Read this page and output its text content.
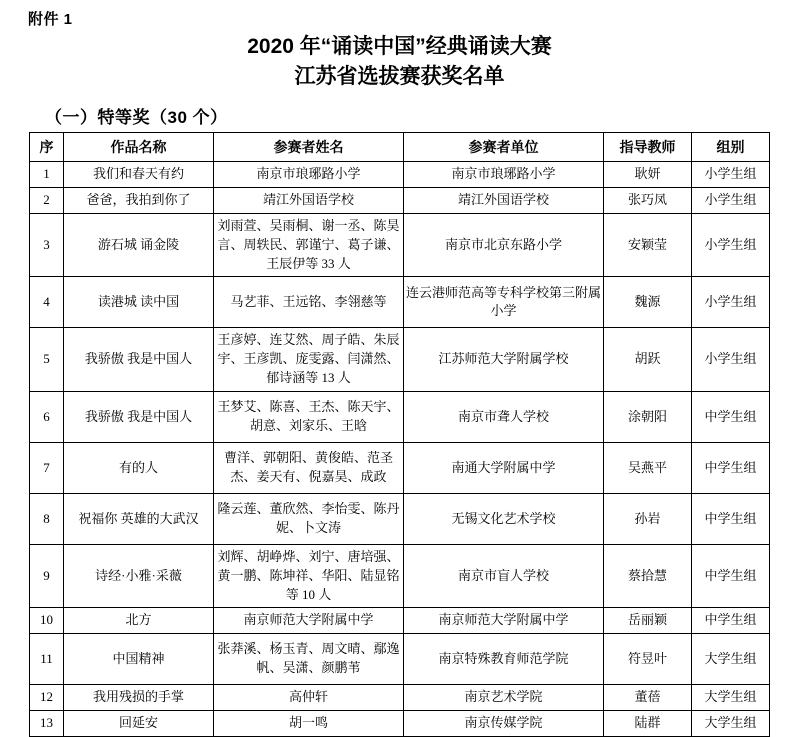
附件 1
2020 年“诵读中国”经典诵读大赛
江苏省选拔赛获奖名单
（一）特等奖（30 个）
序	作品名称	参赛者姓名	参赛者单位	指导教师	组别
1	我们和春天有约	南京市琅琊路小学	南京市琅琊路小学	耿妍	小学生组
2	爸爸，我拍到你了	靖江外国语学校	靖江外国语学校	张巧凤	小学生组
3	游石城 诵金陵	刘雨萱、吴雨桐、谢一丞、陈昊言、周轶民、郭谨宁、葛子谦、王辰伊等 33 人	南京市北京东路小学	安颖莹	小学生组
4	读港城 读中国	马艺菲、王远铭、李翎慈等	连云港师范高等专科学校第三附属小学	魏源	小学生组
5	我骄傲 我是中国人	王彦婷、连艾然、周子皓、朱辰宇、王彦凯、庞雯露、闫潇然、郁诗涵等 13 人	江苏师范大学附属学校	胡跃	小学生组
6	我骄傲 我是中国人	王梦艾、陈喜、王杰、陈天宇、胡意、刘家乐、王晗	南京市聋人学校	涂朝阳	中学生组
7	有的人	曹洋、郭朝阳、黄俊皓、范圣杰、姜天有、倪嘉昊、成政	南通大学附属中学	吴燕平	中学生组
8	祝福你 英雄的大武汉	隆云莲、董欣然、李怡雯、陈丹妮、卜文涛	无锡文化艺术学校	孙岩	中学生组
9	诗经·小雅·采薇	刘辉、胡峥烨、刘宁、唐培强、黄一鹏、陈坤祥、华阳、陆显铭等 10 人	南京市盲人学校	蔡拾慧	中学生组
10	北方	南京师范大学附属中学	南京师范大学附属中学	岳丽颖	中学生组
11	中国精神	张莽溪、杨玉青、周文晴、鄢逸帆、吴潇、颜鹏苇	南京特殊教育师范学院	符昱叶	大学生组
12	我用残损的手掌	高仲轩	南京艺术学院	董蓓	大学生组
13	回延安	胡一鸣	南京传媒学院	陆群	大学生组
